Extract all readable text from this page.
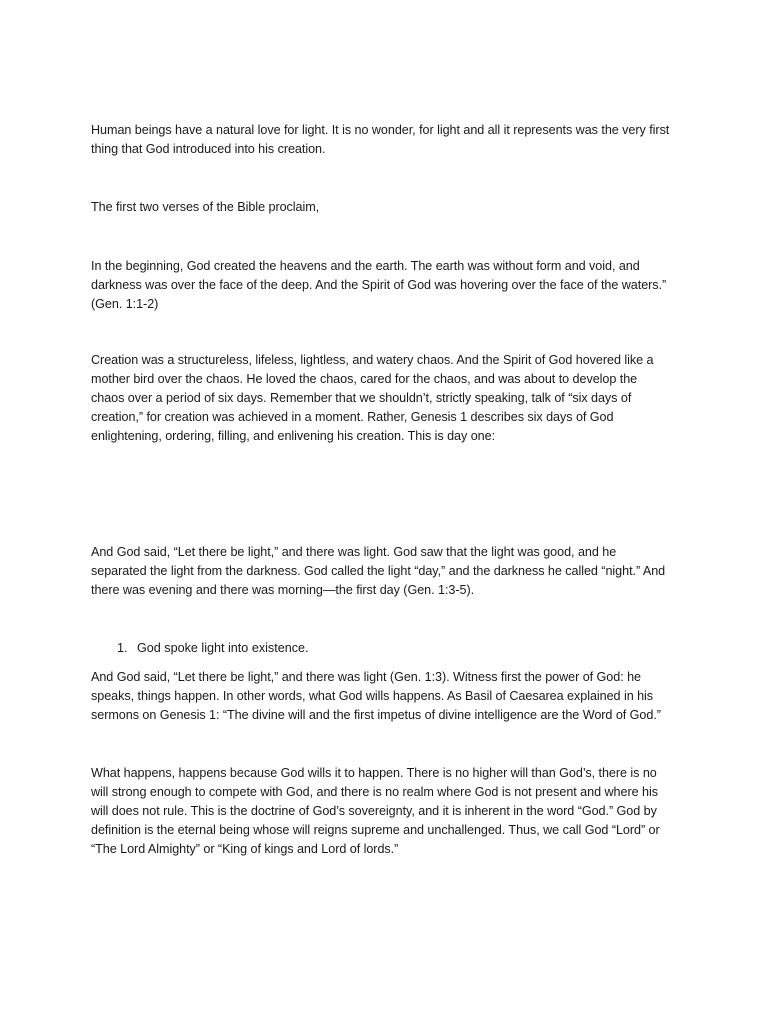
Human beings have a natural love for light. It is no wonder, for light and all it represents was the very first thing that God introduced into his creation.

The first two verses of the Bible proclaim,

In the beginning, God created the heavens and the earth. The earth was without form and void, and darkness was over the face of the deep. And the Spirit of God was hovering over the face of the waters.” (Gen. 1:1-2)

Creation was a structureless, lifeless, lightless, and watery chaos. And the Spirit of God hovered like a mother bird over the chaos. He loved the chaos, cared for the chaos, and was about to develop the chaos over a period of six days. Remember that we shouldn’t, strictly speaking, talk of “six days of creation,” for creation was achieved in a moment. Rather, Genesis 1 describes six days of God enlightening, ordering, filling, and enlivening his creation. This is day one:

And God said, “Let there be light,” and there was light. God saw that the light was good, and he separated the light from the darkness. God called the light “day,” and the darkness he called “night.” And there was evening and there was morning—the first day (Gen. 1:3-5).

1. God spoke light into existence.

And God said, “Let there be light,” and there was light (Gen. 1:3). Witness first the power of God: he speaks, things happen. In other words, what God wills happens. As Basil of Caesarea explained in his sermons on Genesis 1: “The divine will and the first impetus of divine intelligence are the Word of God.”

What happens, happens because God wills it to happen. There is no higher will than God’s, there is no will strong enough to compete with God, and there is no realm where God is not present and where his will does not rule. This is the doctrine of God’s sovereignty, and it is inherent in the word “God.” God by definition is the eternal being whose will reigns supreme and unchallenged. Thus, we call God “Lord” or “The Lord Almighty” or “King of kings and Lord of lords.”
